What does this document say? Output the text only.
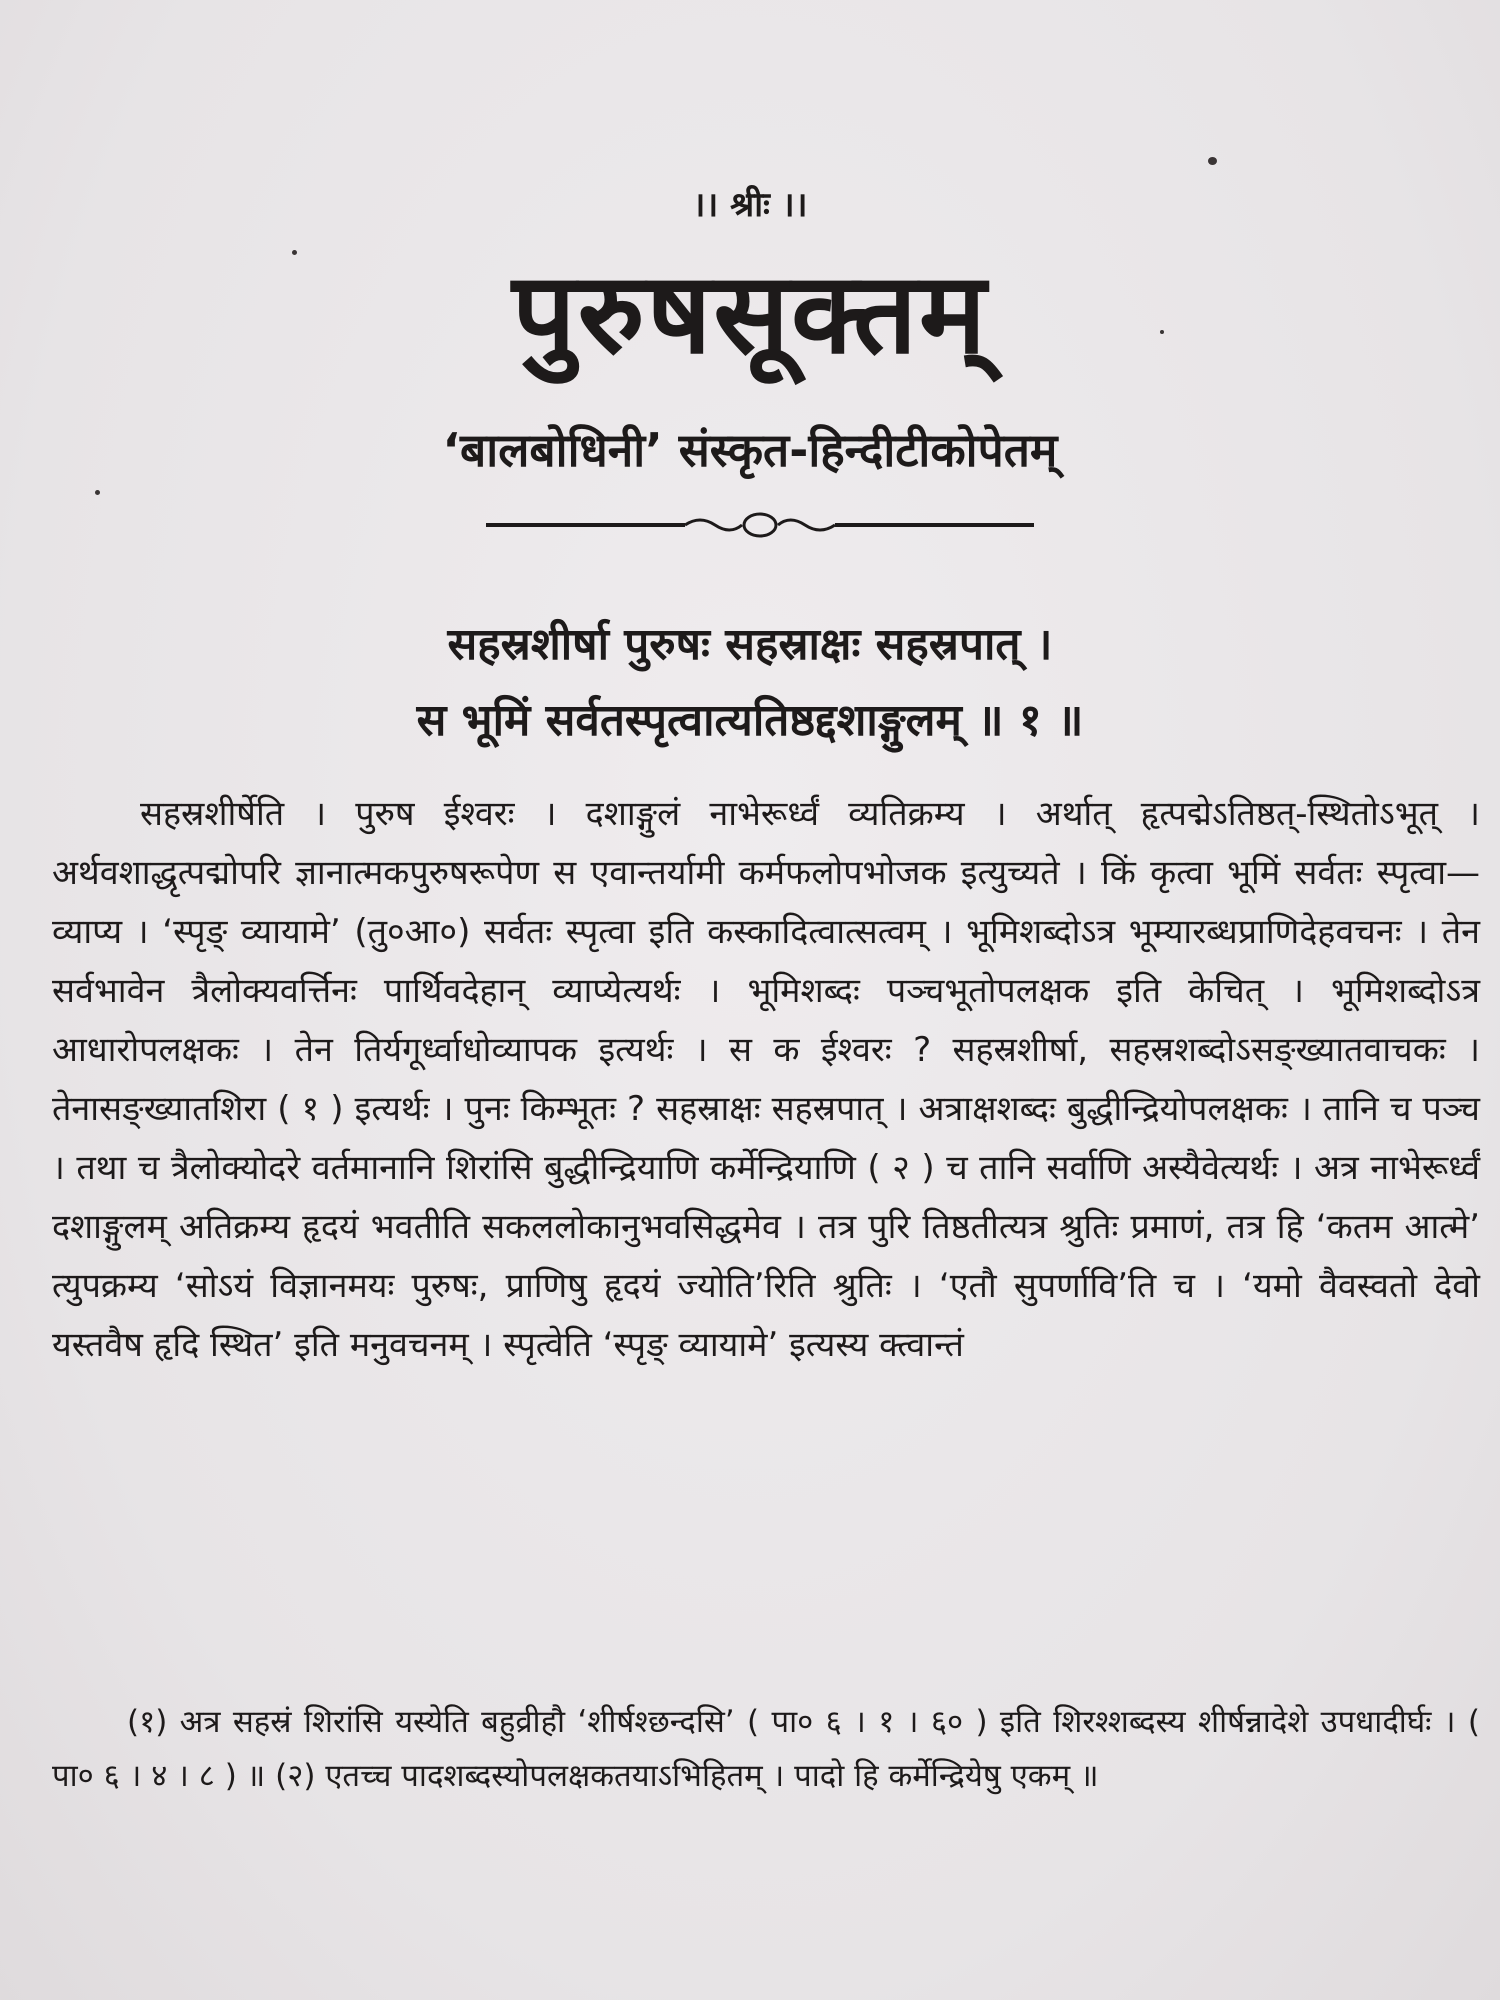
।। श्रीः ।।
पुरुषसूक्तम्
‘बालबोधिनी’ संस्कृत-हिन्दीटीकोपेतम्
सहस्रशीर्षा पुरुषः सहस्राक्षः सहस्रपात् ।
स भूमिं सर्वतस्पृत्वात्यतिष्ठद्दशाङ्गुलम् ॥ १ ॥

सहस्रशीर्षेति । पुरुष ईश्वरः । दशाङ्गुलं नाभेरूर्ध्वं व्यतिक्रम्य । अर्थात् हृत्पद्मेऽतिष्ठत्-स्थितोऽभूत् । अर्थवशाद्धृत्पद्मोपरि ज्ञानात्मकपुरुषरूपेण स एवान्तर्यामी कर्मफलोपभोजक इत्युच्यते । किं कृत्वा भूमिं सर्वतः स्पृत्वा—व्याप्य । ‘स्पृङ् व्यायामे’ (तु०आ०) सर्वतः स्पृत्वा इति कस्कादित्वात्सत्वम् । भूमिशब्दोऽत्र भूम्यारब्धप्राणिदेहवचनः । तेन सर्वभावेन त्रैलोक्यवर्त्तिनः पार्थिवदेहान् व्याप्येत्यर्थः । भूमिशब्दः पञ्चभूतोपलक्षक इति केचित् । भूमिशब्दोऽत्र आधारोपलक्षकः । तेन तिर्यगूर्ध्वाधोव्यापक इत्यर्थः । स क ईश्वरः ? सहस्रशीर्षा, सहस्रशब्दोऽसङ्ख्यातवाचकः । तेनासङ्ख्यातशिरा ( १ ) इत्यर्थः । पुनः किम्भूतः ? सहस्राक्षः सहस्रपात् । अत्राक्षशब्दः बुद्धीन्द्रियोपलक्षकः । तानि च पञ्च । तथा च त्रैलोक्योदरे वर्तमानानि शिरांसि बुद्धीन्द्रियाणि कर्मेन्द्रियाणि ( २ ) च तानि सर्वाणि अस्यैवेत्यर्थः । अत्र नाभेरूर्ध्वं दशाङ्गुलम् अतिक्रम्य हृदयं भवतीति सकललोकानुभवसिद्धमेव । तत्र पुरि तिष्ठतीत्यत्र श्रुतिः प्रमाणं, तत्र हि ‘कतम आत्मे’ त्युपक्रम्य ‘सोऽयं विज्ञानमयः पुरुषः, प्राणिषु हृदयं ज्योति’रिति श्रुतिः । ‘एतौ सुपर्णावि’ति च । ‘यमो वैवस्वतो देवो यस्तवैष हृदि स्थित’ इति मनुवचनम् । स्पृत्वेति ‘स्पृङ् व्यायामे’ इत्यस्य क्त्वान्तं

(१) अत्र सहस्रं शिरांसि यस्येति बहुव्रीहौ ‘शीर्षश्छन्दसि’ ( पा० ६ । १ । ६० ) इति शिरश्शब्दस्य शीर्षन्नादेशे उपधादीर्घः । ( पा० ६ । ४ । ८ ) ॥ (२) एतच्च पादशब्दस्योपलक्षकतयाऽभिहितम् । पादो हि कर्मेन्द्रियेषु एकम् ॥
